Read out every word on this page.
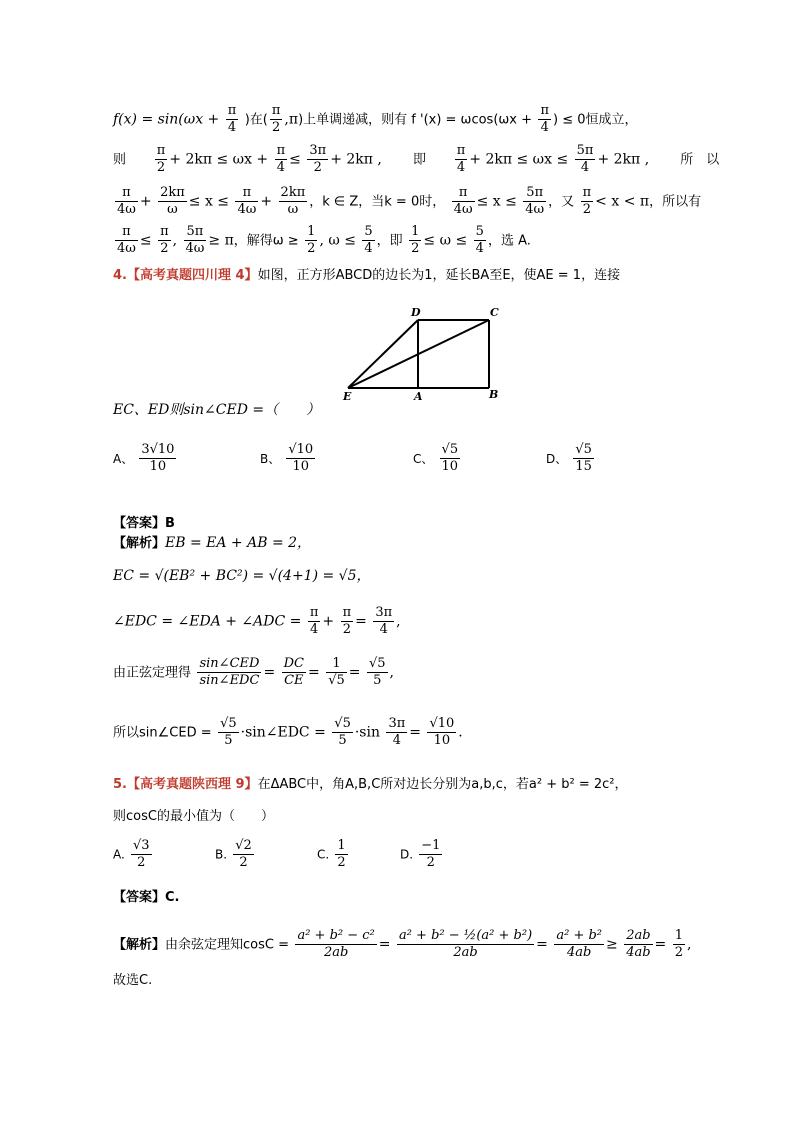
$f(x) = \sin(\omega x + \frac{\pi}{4}$ )在( $\frac{\pi}{2} ,\pi$)上单调递减，则有 f '$(x) = \omega\cos(\omega x + \frac{\pi}{4}$ ) ≤ 0恒成立，
则 $\frac{\pi}{2} + 2k\pi \le \omega x + \frac{\pi}{4} \le \frac{3\pi}{2} + 2k\pi$ ,       即 $\frac{\pi}{4} + 2k\pi \le \omega x \le \frac{5\pi}{4} + 2k\pi$ ,       所　以
$\frac{\pi}{4\omega} + \frac{2k\pi}{\omega} \le x \le \frac{\pi}{4\omega} + \frac{2k\pi}{\omega}$ ，k ∈ Z，当k = 0时， $\frac{\pi}{4\omega} \le x \le \frac{5\pi}{4\omega}$ ，又 $\frac{\pi}{2} < x < \pi$，所以有
$\frac{\pi}{4\omega} \le \frac{\pi}{2}$ , $\frac{5\pi}{4\omega} \ge \pi$，解得$\omega \ge \frac{1}{2}$ , $\omega \le \frac{5}{4}$ ，即 $\frac{1}{2} \le \omega \le \frac{5}{4}$ ，选 A.
4.【高考真题四川理 4】如图，正方形ABCD的边长为1，延长BA至E，使AE = 1，连接
D	C
E	A	B
EC、ED则sin∠CED =（　　）
A、 $\frac{3√10}{10}$	B、 $\frac{√10}{10}$	C、 $\frac{√5}{10}$	D、 $\frac{√5}{15}$
【答案】B
【解析】EB = EA + AB = 2，
EC = √(EB² + BC²) = √(4+1) = √5，
∠EDC = ∠EDA + ∠ADC = $\frac{\pi}{4} + \frac{\pi}{2} = \frac{3\pi}{4}$ ,
由正弦定理得 $\frac{\text{sin∠CED}}{\text{sin∠EDC}} = \frac{DC}{CE} = \frac{1}{√5} = \frac{√5}{5}$ ,
所以sin∠CED = $\frac{√5}{5}$ ·sin∠EDC = $\frac{√5}{5} \cdot\sin \frac{3\pi}{4} = \frac{√10}{10}$ .
5.【高考真题陕西理 9】在ΔABC中，角A,B,C所对边长分别为a,b,c，若a² + b² = 2c²，
则cosC的最小值为（　　）
A. $\frac{√3}{2}$	B. $\frac{√2}{2}$	C. $\frac{1}{2}$	D. $\frac{-1}{2}$
【答案】C.
【解析】由余弦定理知$\cos C = \frac{\text{a² + b² − c²}}{2ab} = \frac{\text{a² + b² − ½(a² + b²)}}{2ab} = \frac{\text{a² + b²}}{4ab} \ge \frac{2ab}{4ab} = \frac{1}{2}$ ,
故选C.
